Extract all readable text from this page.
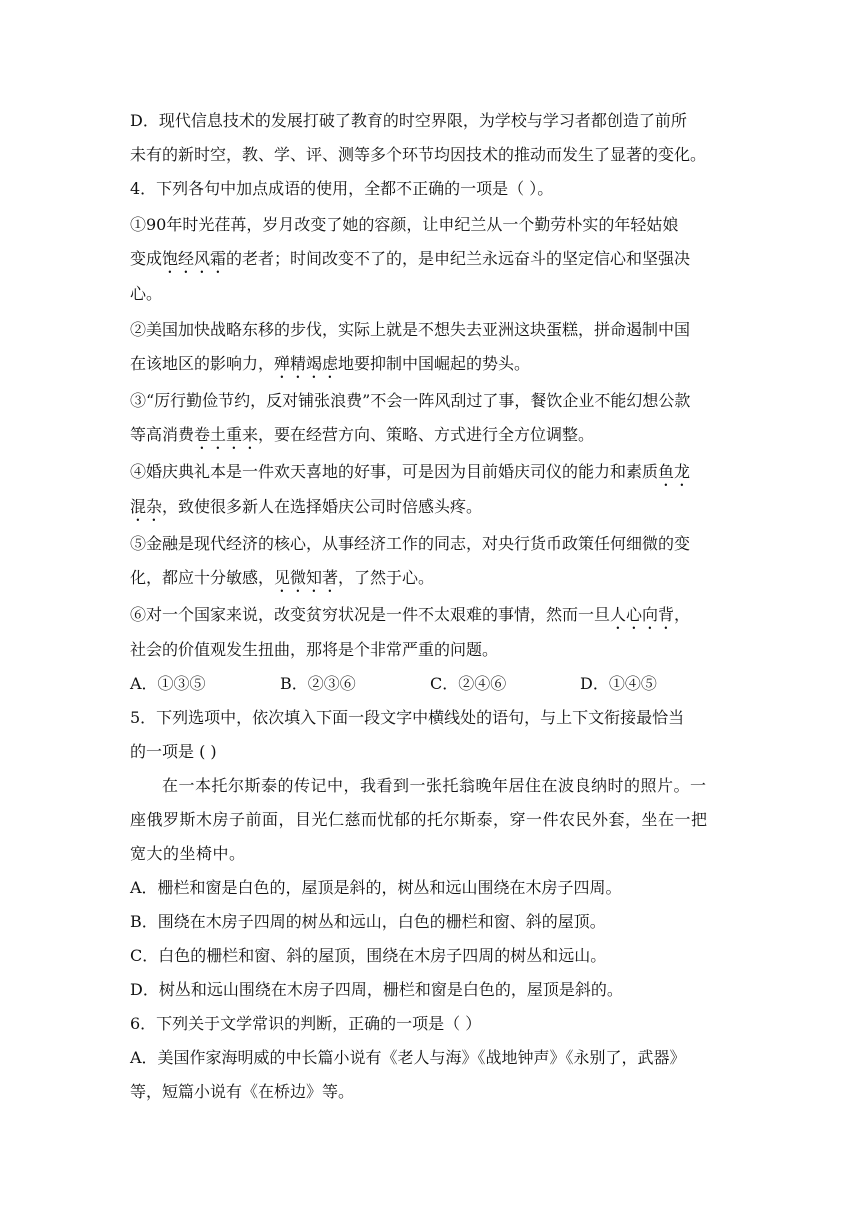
D．现代信息技术的发展打破了教育的时空界限，为学校与学习者都创造了前所

未有的新时空，教、学、评、测等多个环节均因技术的推动而发生了显著的变化。

4．下列各句中加点成语的使用，全都不正确的一项是（ ）。

①90年时光荏苒，岁月改变了她的容颜，让申纪兰从一个勤劳朴实的年轻姑娘

变成饱经风霜的老者；时间改变不了的，是申纪兰永远奋斗的坚定信心和坚强决

心。

②美国加快战略东移的步伐，实际上就是不想失去亚洲这块蛋糕，拼命遏制中国

在该地区的影响力，殚精竭虑地要抑制中国崛起的势头。

③“厉行勤俭节约，反对铺张浪费”不会一阵风刮过了事，餐饮企业不能幻想公款

等高消费卷土重来，要在经营方向、策略、方式进行全方位调整。

④婚庆典礼本是一件欢天喜地的好事，可是因为目前婚庆司仪的能力和素质鱼龙

混杂，致使很多新人在选择婚庆公司时倍感头疼。

⑤金融是现代经济的核心，从事经济工作的同志，对央行货币政策任何细微的变

化，都应十分敏感，见微知著，了然于心。

⑥对一个国家来说，改变贫穷状况是一件不太艰难的事情，然而一旦人心向背，

社会的价值观发生扭曲，那将是个非常严重的问题。

A．①③⑤	B．②③⑥	C．②④⑥	D．①④⑤

5．下列选项中，依次填入下面一段文字中横线处的语句，与上下文衔接最恰当

的一项是 ( )

在一本托尔斯泰的传记中，我看到一张托翁晚年居住在波良纳时的照片。一

座俄罗斯木房子前面，目光仁慈而忧郁的托尔斯泰，穿一件农民外套，坐在一把

宽大的坐椅中。

A．栅栏和窗是白色的，屋顶是斜的，树丛和远山围绕在木房子四周。

B．围绕在木房子四周的树丛和远山，白色的栅栏和窗、斜的屋顶。

C．白色的栅栏和窗、斜的屋顶，围绕在木房子四周的树丛和远山。

D．树丛和远山围绕在木房子四周，栅栏和窗是白色的，屋顶是斜的。

6．下列关于文学常识的判断，正确的一项是（ ）

A．美国作家海明威的中长篇小说有《老人与海》《战地钟声》《永别了，武器》

等，短篇小说有《在桥边》等。
